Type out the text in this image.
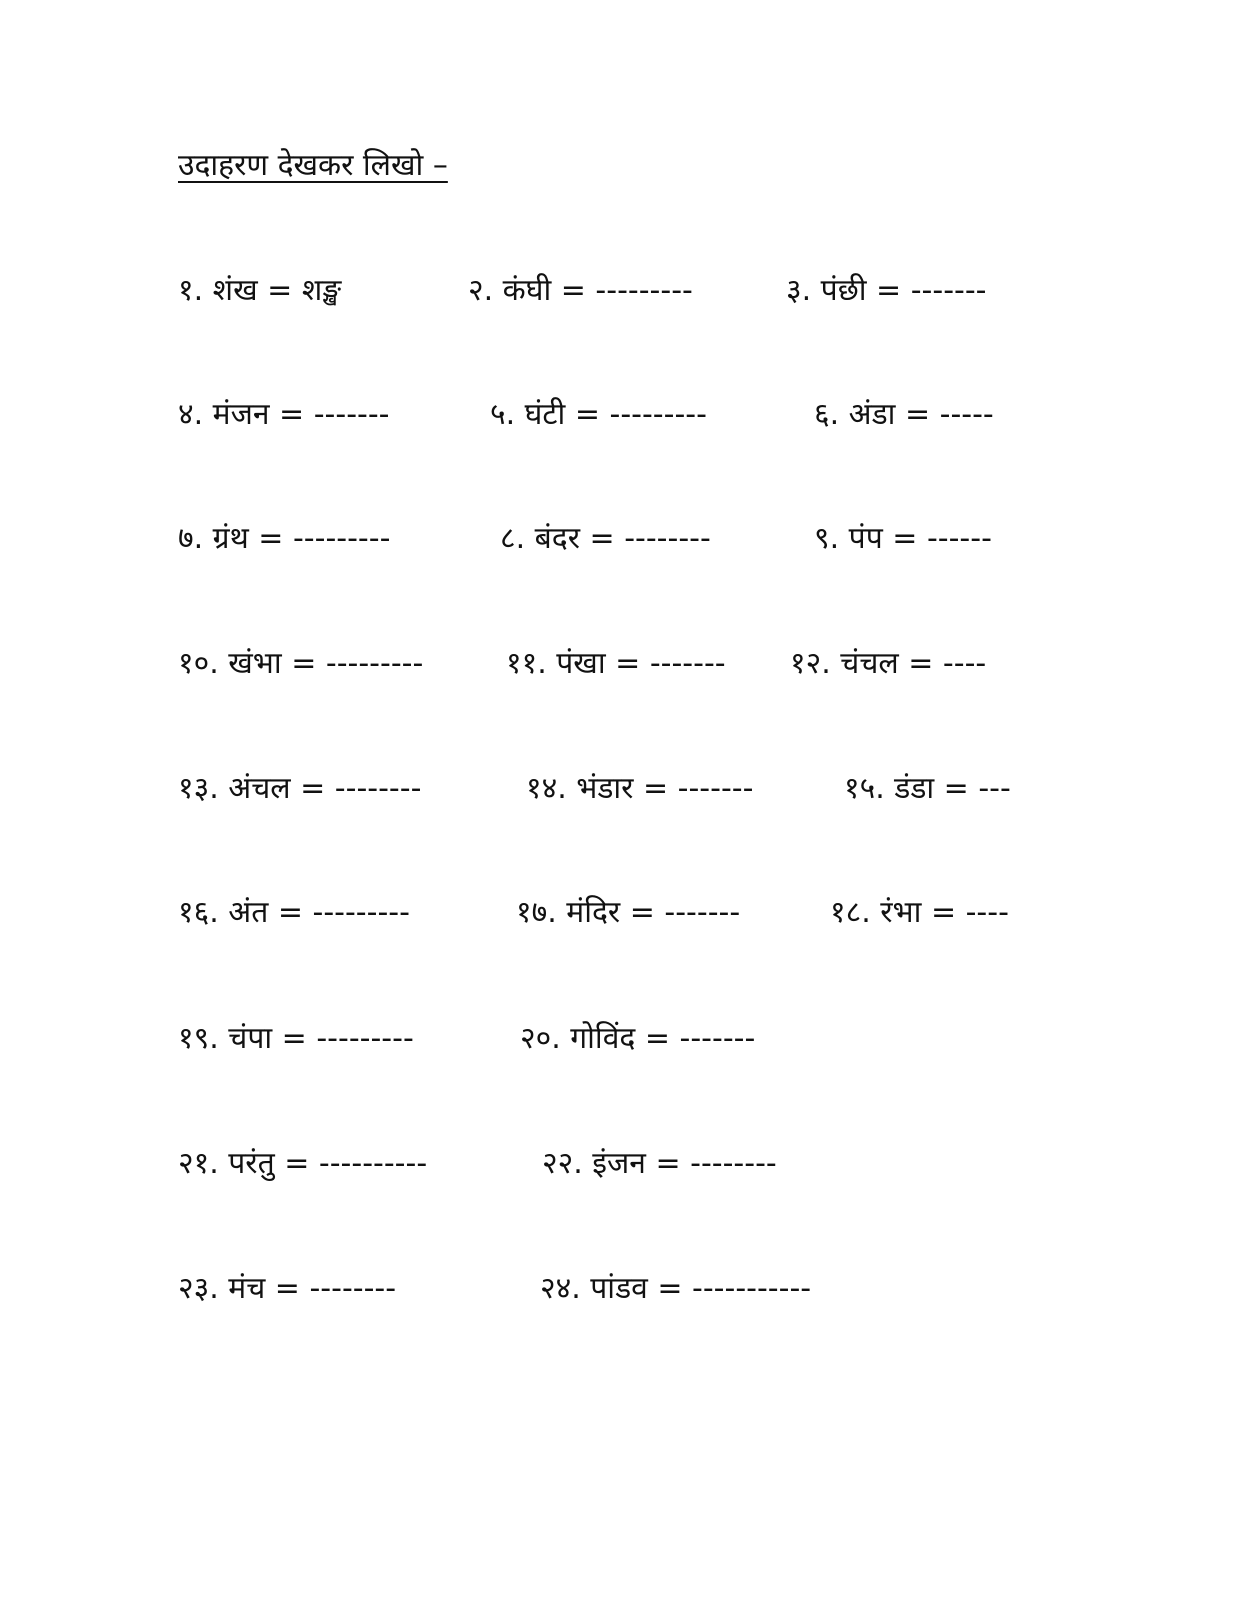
उदाहरण देखकर लिखो –
१. शंख = शङ्ख	२. कंघी = ---------	३. पंछी = -------
४. मंजन = -------	५. घंटी = ---------	६. अंडा = -----
७. ग्रंथ = ---------	८. बंदर = --------	९. पंप = ------
१०. खंभा = ---------	११. पंखा = ------- १२. चंचल = ----
१३. अंचल = --------	१४. भंडार = -------	१५. डंडा = ---
१६. अंत = ---------	१७. मंदिर = -------	१८. रंभा = ----
१९. चंपा = ---------	२०. गोविंद = -------
२१. परंतु = ----------	२२. इंजन = --------
२३. मंच = --------	२४. पांडव = -----------
